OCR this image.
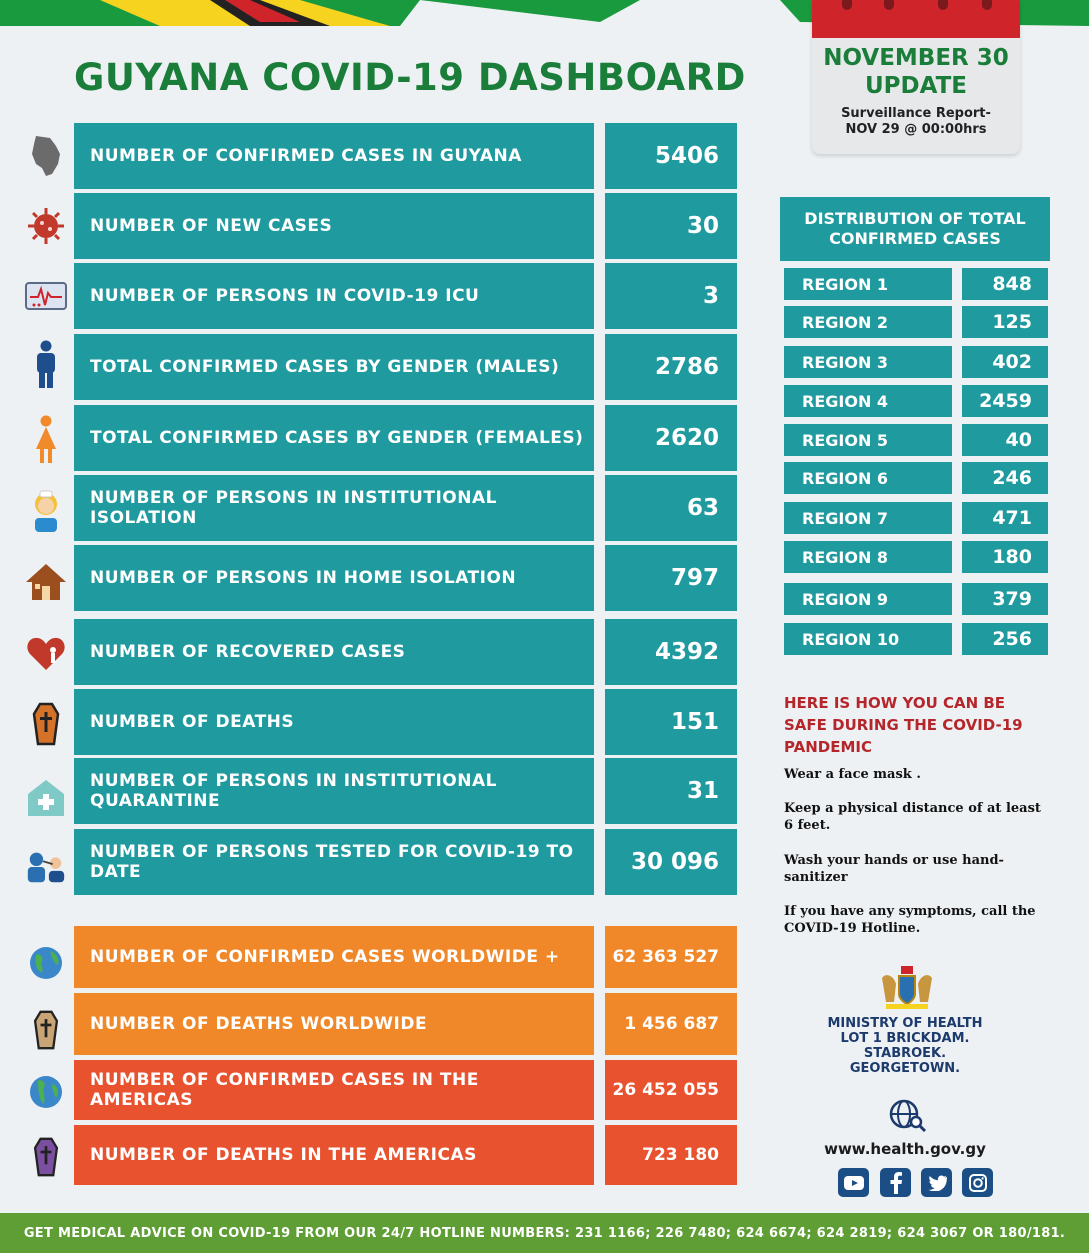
GUYANA COVID-19 DASHBOARD	NOVEMBER 30
UPDATE
Surveillance Report-
NOV 29 @ 00:00hrs
NUMBER OF CONFIRMED CASES IN GUYANA	5406
NUMBER OF NEW CASES	30
NUMBER OF PERSONS IN COVID-19 ICU	3
TOTAL CONFIRMED CASES BY GENDER (MALES)	2786
TOTAL CONFIRMED CASES BY GENDER (FEMALES)	2620
NUMBER OF PERSONS IN INSTITUTIONAL ISOLATION	63
NUMBER OF PERSONS IN HOME ISOLATION	797
NUMBER OF RECOVERED CASES	4392
NUMBER OF DEATHS	151
NUMBER OF PERSONS IN INSTITUTIONAL QUARANTINE	31
NUMBER OF PERSONS TESTED FOR COVID-19 TO DATE	30 096
NUMBER OF CONFIRMED CASES WORLDWIDE +	62 363 527
NUMBER OF DEATHS WORLDWIDE	1 456 687
NUMBER OF CONFIRMED CASES IN THE AMERICAS	26 452 055
NUMBER OF DEATHS IN THE AMERICAS	723 180
DISTRIBUTION OF TOTAL CONFIRMED CASES
REGION 1	848
REGION 2	125
REGION 3	402
REGION 4	2459
REGION 5	40
REGION 6	246
REGION 7	471
REGION 8	180
REGION 9	379
REGION 10	256
HERE IS HOW YOU CAN BE SAFE DURING THE COVID-19 PANDEMIC
Wear a face mask .
Keep a physical distance of at least 6 feet.
Wash your hands or use hand-sanitizer
If you have any symptoms, call the COVID-19 Hotline.
MINISTRY OF HEALTH
LOT 1 BRICKDAM.
STABROEK.
GEORGETOWN.
www.health.gov.gy
GET MEDICAL ADVICE ON COVID-19 FROM OUR 24/7 HOTLINE NUMBERS: 231 1166; 226 7480; 624 6674; 624 2819; 624 3067 OR 180/181.
